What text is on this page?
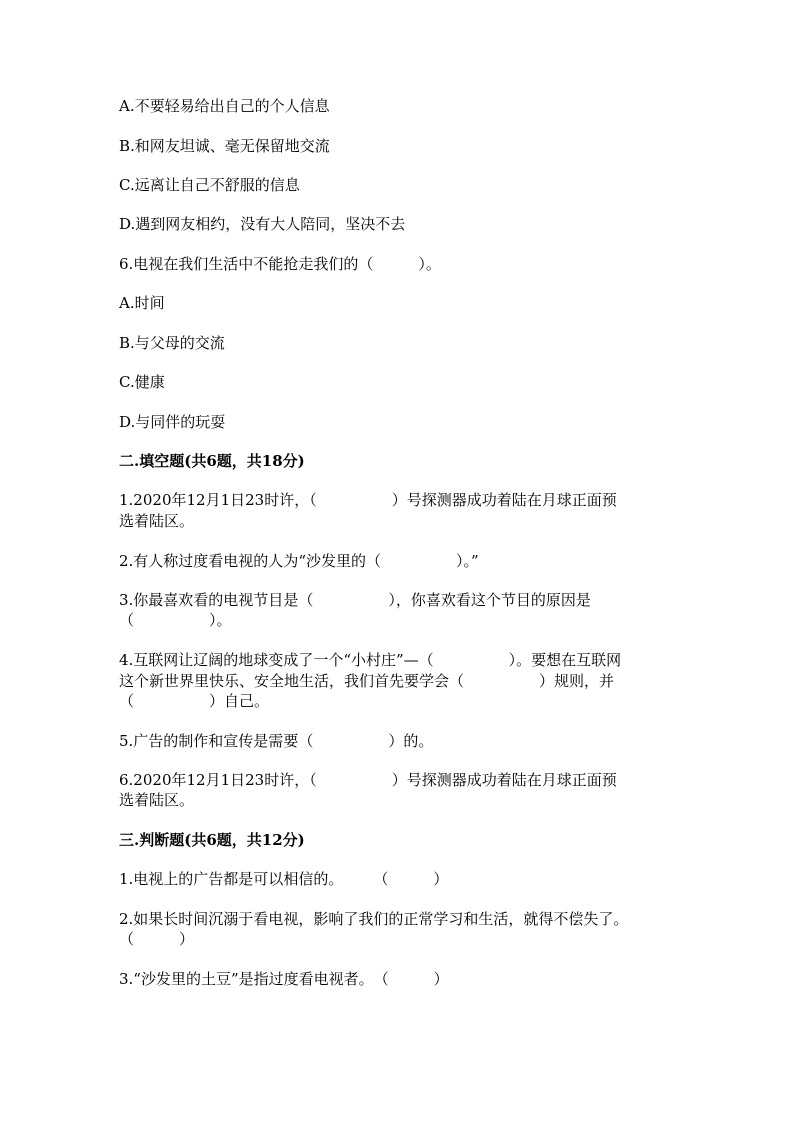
A.不要轻易给出自己的个人信息
B.和网友坦诚、毫无保留地交流
C.远离让自己不舒服的信息
D.遇到网友相约，没有大人陪同，坚决不去
6.电视在我们生活中不能抢走我们的（　　　）。
A.时间
B.与父母的交流
C.健康
D.与同伴的玩耍
二.填空题(共6题，共18分)
1.2020年12月1日23时许，（　　　　　）号探测器成功着陆在月球正面预
选着陆区。
2.有人称过度看电视的人为“沙发里的（　　　　　）。”
3.你最喜欢看的电视节目是（　　　　　），你喜欢看这个节目的原因是
（　　　　　）。
4.互联网让辽阔的地球变成了一个“小村庄”—（　　　　　）。要想在互联网
这个新世界里快乐、安全地生活，我们首先要学会（　　　　　）规则，并
（　　　　　）自己。
5.广告的制作和宣传是需要（　　　　　）的。
6.2020年12月1日23时许，（　　　　　）号探测器成功着陆在月球正面预
选着陆区。
三.判断题(共6题，共12分)
1.电视上的广告都是可以相信的。　　　（　　　）
2.如果长时间沉溺于看电视，影响了我们的正常学习和生活，就得不偿失了。
（　　　）
3.“沙发里的土豆”是指过度看电视者。　（　　　）
